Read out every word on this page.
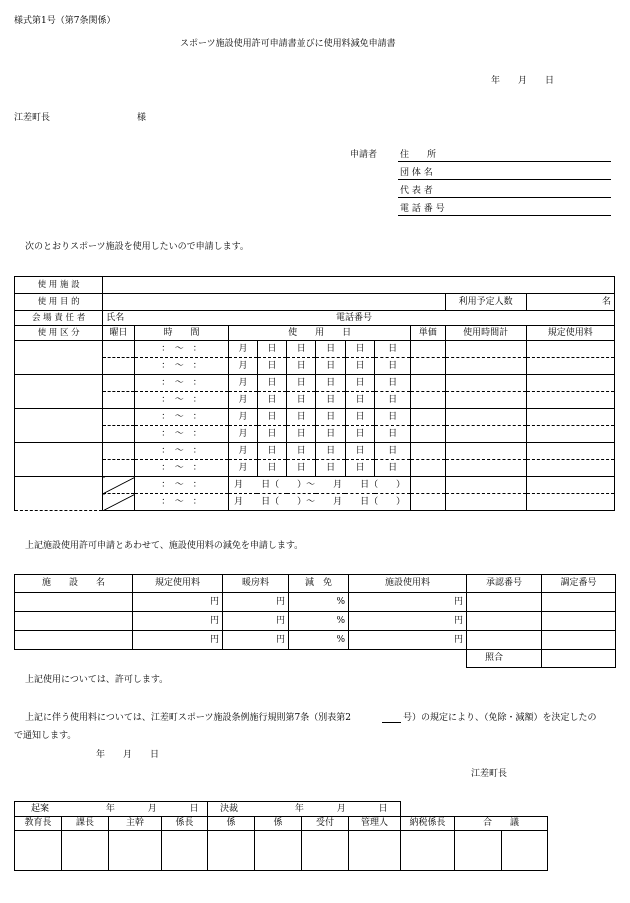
様式第1号（第7条関係）
スポーツ施設使用許可申請書並びに使用料減免申請書
年　　月　　日
江差町長	様
申請者	住　　所
団 体 名
代 表 者
電 話 番 号
次のとおりスポーツ施設を使用したいので申請します。
使 用 施 設											
使 用 目 的										利用予定人数	名
会 場 責 任 者	氏名					電話番号					
使 用 区 分	曜日	時　　間	使　　用　　日						単価	使用時間計	規定使用料
		：　～　：	月	日	日	日	日	日			
		：　～　：	月	日	日	日	日	日			
		：　～　：	月	日	日	日	日	日			
		：　～　：	月	日	日	日	日	日			
		：　～　：	月	日	日	日	日	日			
		：　～　：	月	日	日	日	日	日			
		：　～　：	月	日	日	日	日	日			
		：　～　：	月	日	日	日	日	日			
		：　～　：	月　　日（　　）～　　月　　日（　　）								
		：　～　：	月　　日（　　）～　　月　　日（　　）								
上記施設使用許可申請とあわせて、施設使用料の減免を申請します。
施　　設　　名	規定使用料	暖房料	減　免	施設使用料	承認番号	調定番号
	円	円	%	円		
	円	円	%	円		
	円	円	%	円		
					照合	
上記使用については、許可します。
上記に伴う使用料については、江差町スポーツ施設条例施行規則第7条（別表第2	号）の規定により、（免除・減額）を決定したの
で通知します。
年　　月　　日
江差町長
起案 年 月 日				決裁 年 月 日						
教育長	課長	主幹	係長	係	係	受付	管理人	納税係長	合　　議	
